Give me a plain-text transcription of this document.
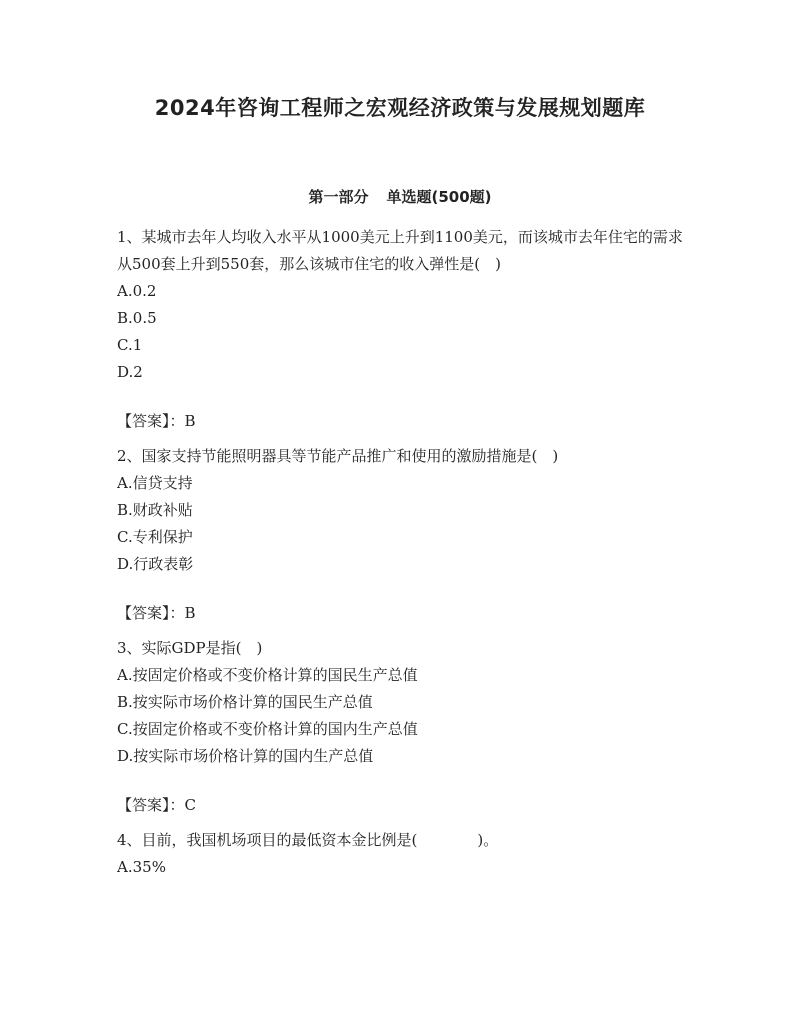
2024年咨询工程师之宏观经济政策与发展规划题库
第一部分 单选题(500题)

1、某城市去年人均收入水平从1000美元上升到1100美元，而该城市去年住宅的需求从500套上升到550套，那么该城市住宅的收入弹性是(　)

A.0.2

B.0.5

C.1

D.2

【答案】：B

2、国家支持节能照明器具等节能产品推广和使用的激励措施是(　)

A.信贷支持

B.财政补贴

C.专利保护

D.行政表彰

【答案】：B

3、实际GDP是指(　)

A.按固定价格或不变价格计算的国民生产总值

B.按实际市场价格计算的国民生产总值

C.按固定价格或不变价格计算的国内生产总值

D.按实际市场价格计算的国内生产总值

【答案】：C

4、目前，我国机场项目的最低资本金比例是(　　　　)。

A.35%
